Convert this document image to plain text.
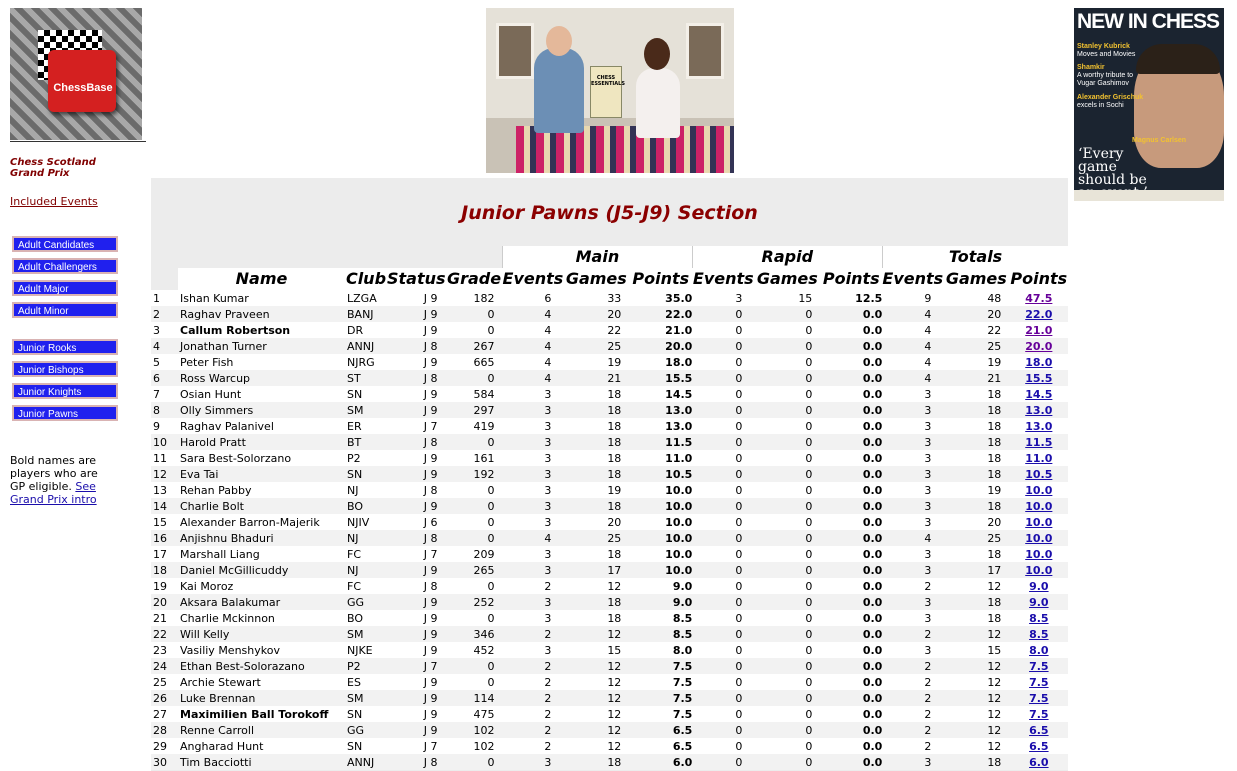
ChessBase
Chess Scotland
Grand Prix
Included Events
Adult Candidates
Adult Challengers
Adult Major
Adult Minor
Junior Rooks
Junior Bishops
Junior Knights
Junior Pawns
Bold names are players who are GP eligible. See Grand Prix intro
CHESS ESSENTIALS
NEW IN CHESS
Stanley Kubrick
Moves and Movies
Shamkir
A worthy tribute to Vugar Gashimov
Alexander Grischuk
excels in Sochi
Magnus Carlsen
‘Every game should be
Junior Pawns (J5-J9) Section
					Main			Rapid			Totals		
	Name	Club	Status	Grade	Events	Games	Points	Events	Games	Points	Events	Games	Points
1	Ishan Kumar	LZGA	J 9	182	6	33	35.0	3	15	12.5	9	48	47.5
2	Raghav Praveen	BANJ	J 9	0	4	20	22.0	0	0	0.0	4	20	22.0
3	Callum Robertson	DR	J 9	0	4	22	21.0	0	0	0.0	4	22	21.0
4	Jonathan Turner	ANNJ	J 8	267	4	25	20.0	0	0	0.0	4	25	20.0
5	Peter Fish	NJRG	J 9	665	4	19	18.0	0	0	0.0	4	19	18.0
6	Ross Warcup	ST	J 8	0	4	21	15.5	0	0	0.0	4	21	15.5
7	Osian Hunt	SN	J 9	584	3	18	14.5	0	0	0.0	3	18	14.5
8	Olly Simmers	SM	J 9	297	3	18	13.0	0	0	0.0	3	18	13.0
9	Raghav Palanivel	ER	J 7	419	3	18	13.0	0	0	0.0	3	18	13.0
10	Harold Pratt	BT	J 8	0	3	18	11.5	0	0	0.0	3	18	11.5
11	Sara Best-Solorzano	P2	J 9	161	3	18	11.0	0	0	0.0	3	18	11.0
12	Eva Tai	SN	J 9	192	3	18	10.5	0	0	0.0	3	18	10.5
13	Rehan Pabby	NJ	J 8	0	3	19	10.0	0	0	0.0	3	19	10.0
14	Charlie Bolt	BO	J 9	0	3	18	10.0	0	0	0.0	3	18	10.0
15	Alexander Barron-Majerik	NJIV	J 6	0	3	20	10.0	0	0	0.0	3	20	10.0
16	Anjishnu Bhaduri	NJ	J 8	0	4	25	10.0	0	0	0.0	4	25	10.0
17	Marshall Liang	FC	J 7	209	3	18	10.0	0	0	0.0	3	18	10.0
18	Daniel McGillicuddy	NJ	J 9	265	3	17	10.0	0	0	0.0	3	17	10.0
19	Kai Moroz	FC	J 8	0	2	12	9.0	0	0	0.0	2	12	9.0
20	Aksara Balakumar	GG	J 9	252	3	18	9.0	0	0	0.0	3	18	9.0
21	Charlie Mckinnon	BO	J 9	0	3	18	8.5	0	0	0.0	3	18	8.5
22	Will Kelly	SM	J 9	346	2	12	8.5	0	0	0.0	2	12	8.5
23	Vasiliy Menshykov	NJKE	J 9	452	3	15	8.0	0	0	0.0	3	15	8.0
24	Ethan Best-Solorazano	P2	J 7	0	2	12	7.5	0	0	0.0	2	12	7.5
25	Archie Stewart	ES	J 9	0	2	12	7.5	0	0	0.0	2	12	7.5
26	Luke Brennan	SM	J 9	114	2	12	7.5	0	0	0.0	2	12	7.5
27	Maximilien Ball Torokoff	SN	J 9	475	2	12	7.5	0	0	0.0	2	12	7.5
28	Renne Carroll	GG	J 9	102	2	12	6.5	0	0	0.0	2	12	6.5
29	Angharad Hunt	SN	J 7	102	2	12	6.5	0	0	0.0	2	12	6.5
30	Tim Bacciotti	ANNJ	J 8	0	3	18	6.0	0	0	0.0	3	18	6.0
